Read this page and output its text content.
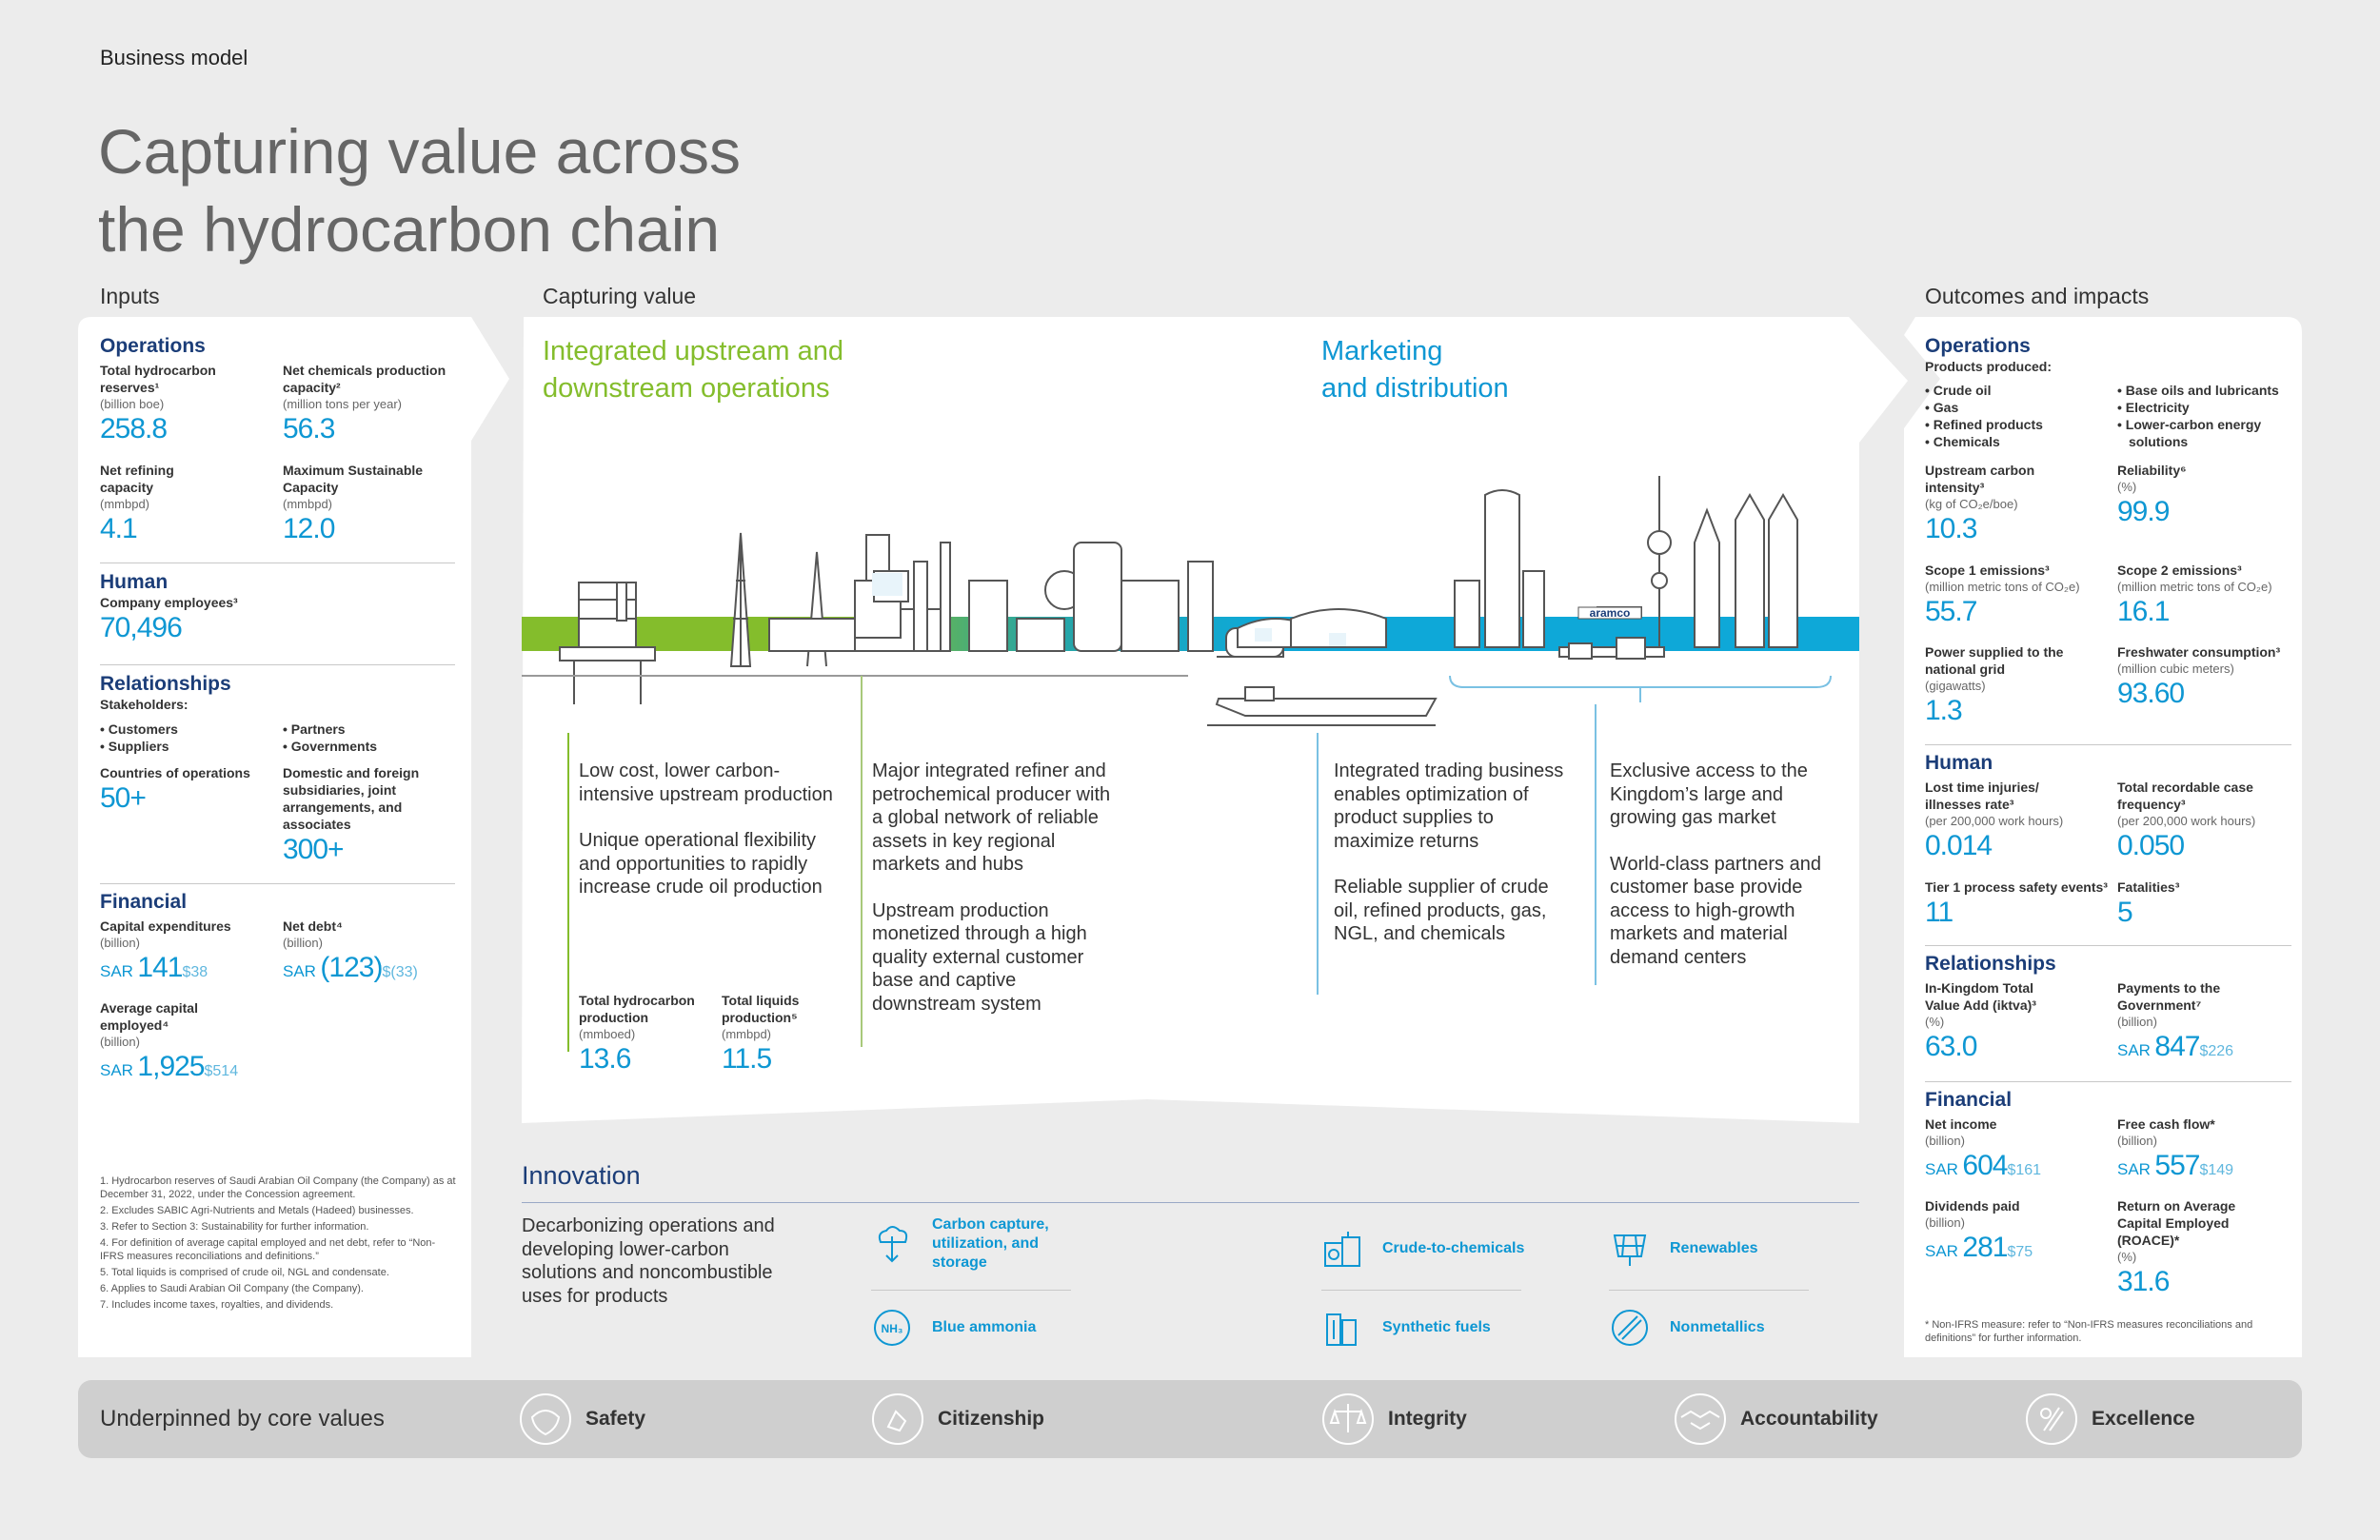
Business model
Capturing value across
the hydrocarbon chain
Inputs	Capturing value	Outcomes and impacts
Operations
Total hydrocarbon reserves¹
(billion boe)
258.8
Net chemicals production capacity²
(million tons per year)
56.3
Net refining capacity
(mmbpd)
4.1
Maximum Sustainable Capacity
(mmbpd)
12.0
Human
Company employees³
70,496
Relationships
Stakeholders:
• Customers
• Suppliers
• Partners
• Governments
Countries of operations
50+
Domestic and foreign subsidiaries, joint arrangements, and associates
300+
Financial
Capital expenditures
(billion)
SAR 141$38
Net debt⁴
(billion)
SAR (123)$(33)
Average capital employed⁴
(billion)
SAR 1,925$514
1. Hydrocarbon reserves of Saudi Arabian Oil Company (the Company) as at December 31, 2022, under the Concession agreement.
2. Excludes SABIC Agri-Nutrients and Metals (Hadeed) businesses.
3. Refer to Section 3: Sustainability for further information.
4. For definition of average capital employed and net debt, refer to “Non-IFRS measures reconciliations and definitions.”
5. Total liquids is comprised of crude oil, NGL and condensate.
6. Applies to Saudi Arabian Oil Company (the Company).
7. Includes income taxes, royalties, and dividends.
Integrated upstream and
downstream operations
Marketing
and distribution
aramco

Low cost, lower carbon-intensive upstream production

Unique operational flexibility and opportunities to rapidly increase crude oil production

Total hydrocarbon production
(mmboed)
13.6
Total liquids production⁵
(mmbpd)
11.5

Major integrated refiner and petrochemical producer with a global network of reliable assets in key regional markets and hubs

Upstream production monetized through a high quality external customer base and captive downstream system

Integrated trading business enables optimization of product supplies to maximize returns

Reliable supplier of crude oil, refined products, gas, NGL, and chemicals

Exclusive access to the Kingdom’s large and growing gas market

World-class partners and customer base provide access to high-growth markets and material demand centers

Innovation
Decarbonizing operations and developing lower-carbon solutions and noncombustible uses for products
Carbon capture, utilization, and storage
NH₃ Blue ammonia
Crude-to-chemicals
Synthetic fuels
Renewables
Nonmetallics
Operations
Products produced:
• Crude oil
• Gas
• Refined products
• Chemicals
• Base oils and lubricants
• Electricity
• Lower-carbon energy solutions
Upstream carbon intensity³
(kg of CO₂e/boe)
10.3
Reliability⁶
(%)
99.9
Scope 1 emissions³
(million metric tons of CO₂e)
55.7
Scope 2 emissions³
(million metric tons of CO₂e)
16.1
Power supplied to the national grid
(gigawatts)
1.3
Freshwater consumption³
(million cubic meters)
93.60
Human
Lost time injuries/ illnesses rate³
(per 200,000 work hours)
0.014
Total recordable case frequency³
(per 200,000 work hours)
0.050
Tier 1 process safety events³
11
Fatalities³
5
Relationships
In-Kingdom Total Value Add (iktva)³
(%)
63.0
Payments to the Government⁷
(billion)
SAR 847$226
Financial
Net income
(billion)
SAR 604$161
Free cash flow*
(billion)
SAR 557$149
Dividends paid
(billion)
SAR 281$75
Return on Average Capital Employed (ROACE)*
(%)
31.6
* Non-IFRS measure: refer to “Non-IFRS measures reconciliations and definitions” for further information.
Underpinned by core values	Safety	Citizenship	Integrity	Accountability	Excellence
